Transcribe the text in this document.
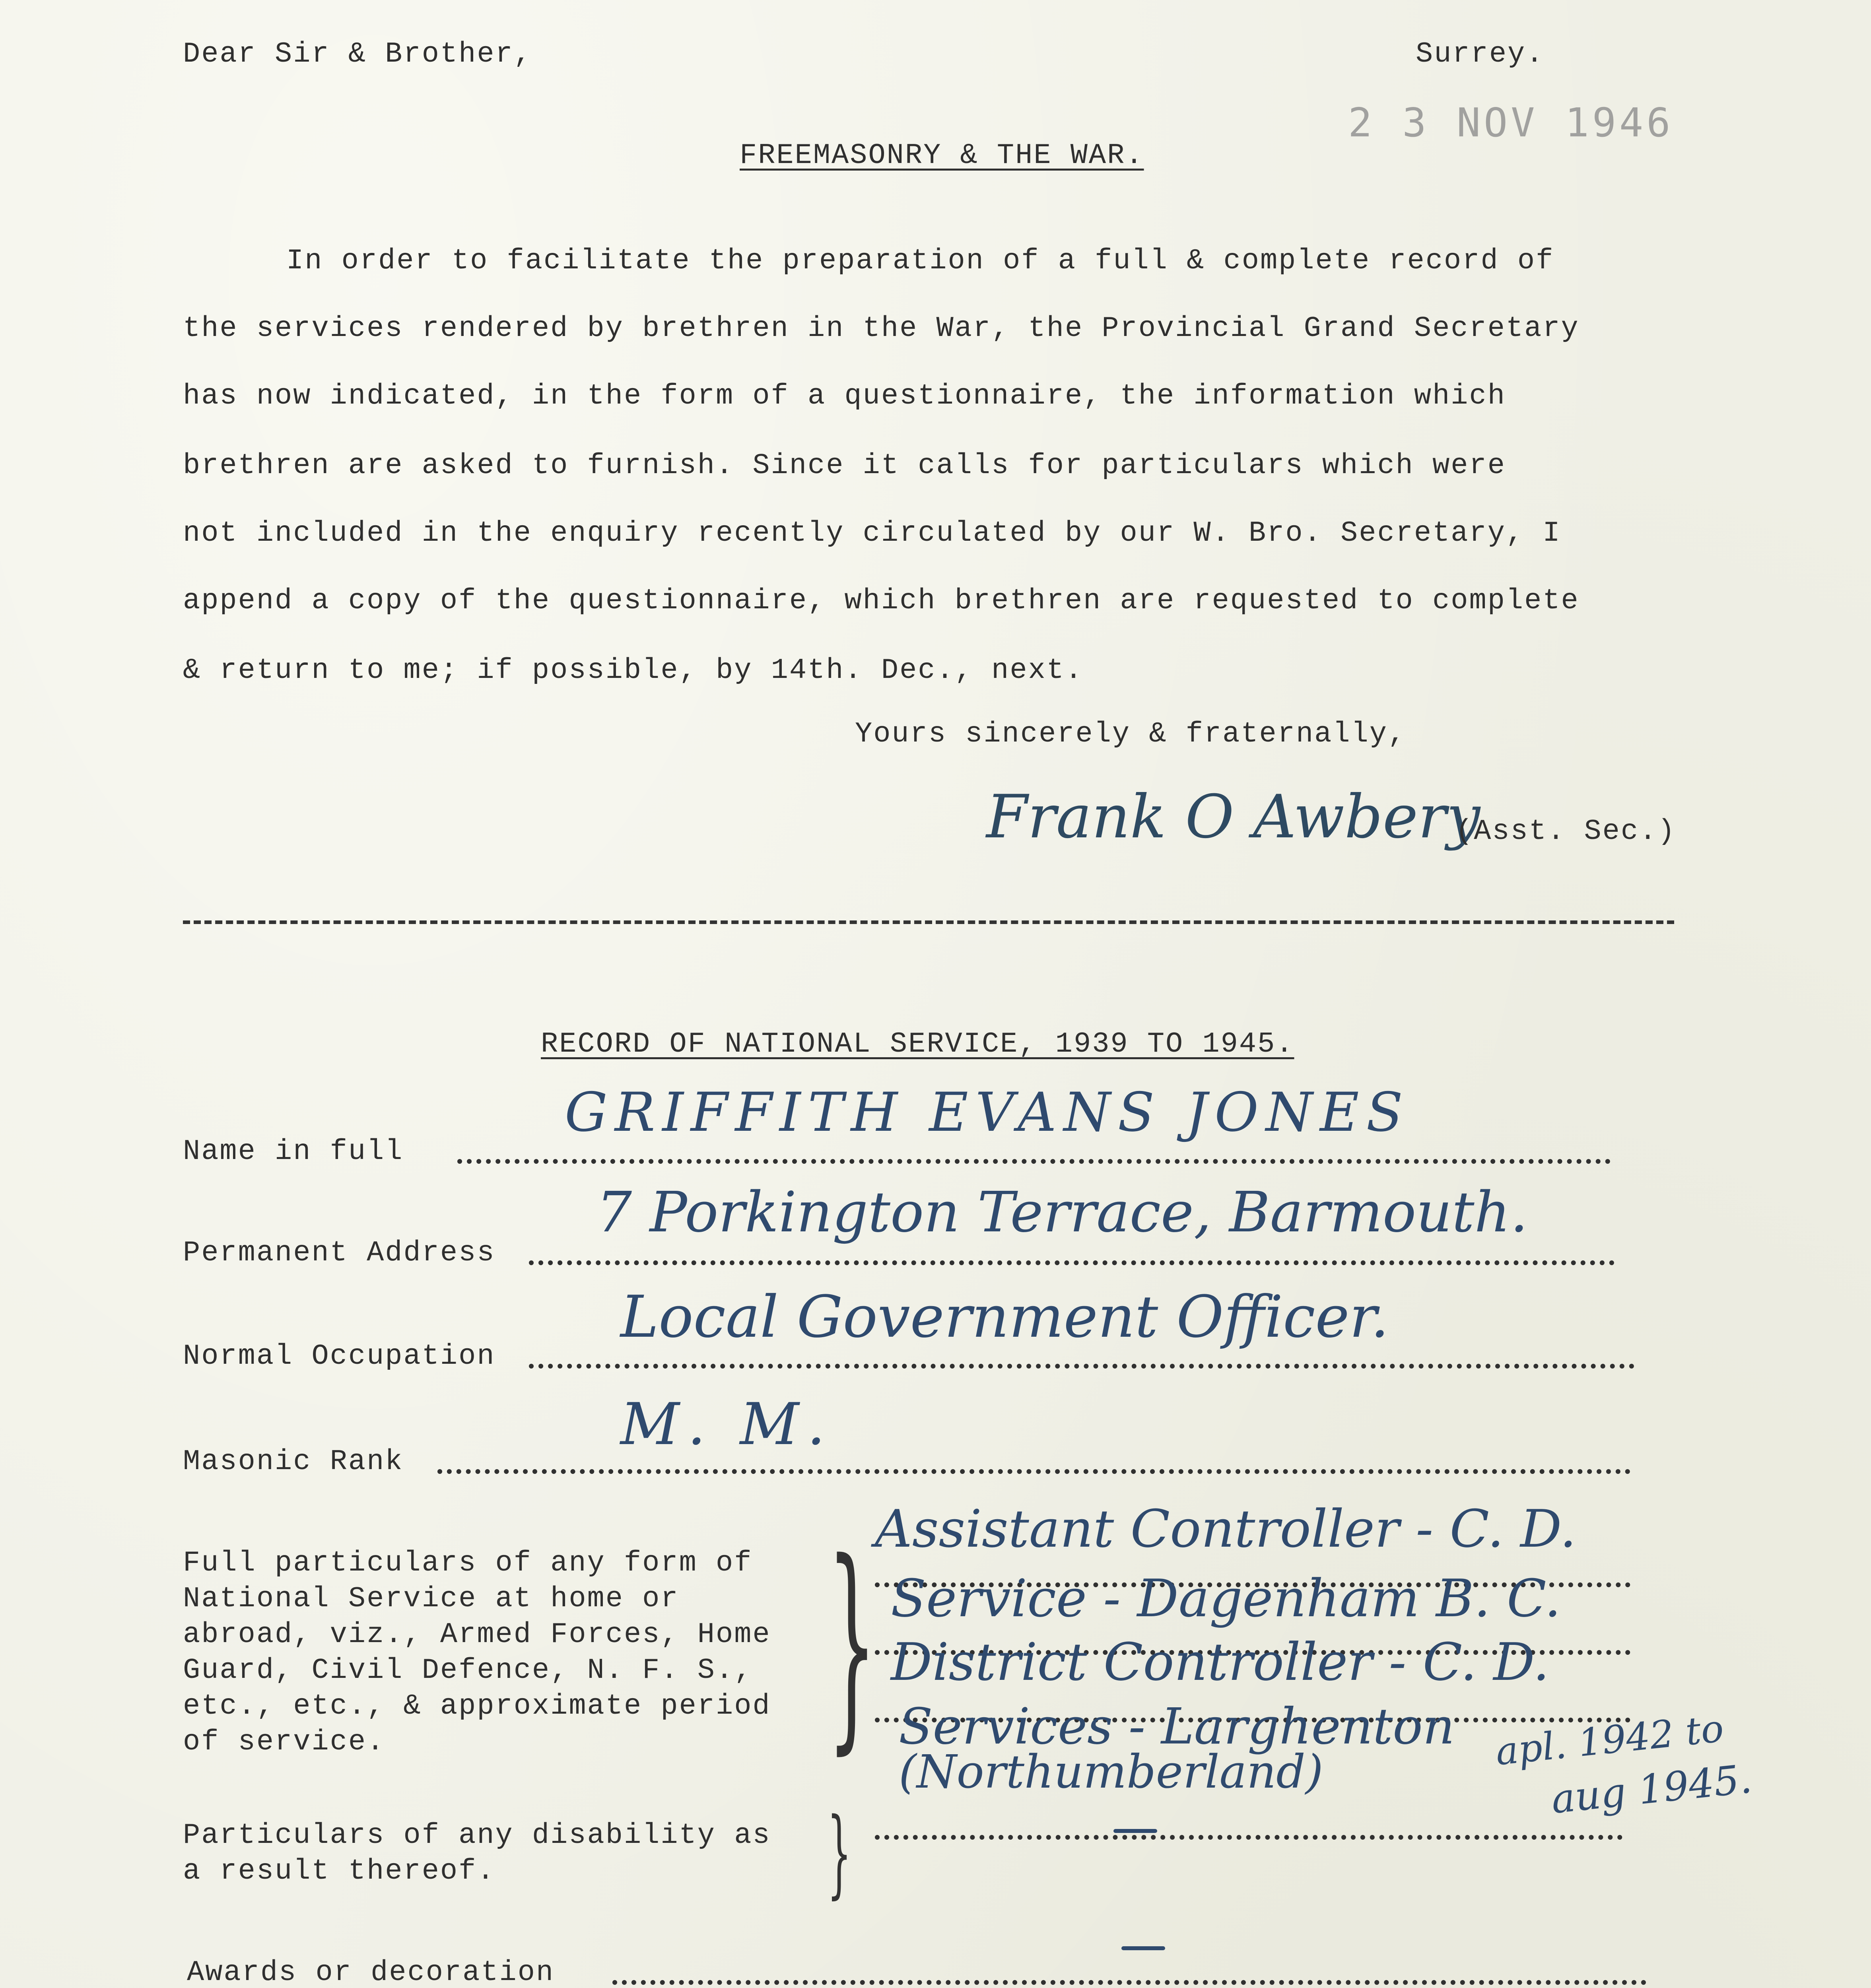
Dear Sir & Brother,	Surrey.
2 3 NOV 1946
FREEMASONRY & THE WAR.
In order to facilitate the preparation of a full & complete record of
the services rendered by brethren in the War, the Provincial Grand Secretary
has now indicated, in the form of a questionnaire, the information which
brethren are asked to furnish. Since it calls for particulars which were
not included in the enquiry recently circulated by our W. Bro. Secretary, I
append a copy of the questionnaire, which brethren are requested to complete
& return to me; if possible, by 14th. Dec., next.
Yours sincerely & fraternally,
Frank O Awbery
(Asst. Sec.)
RECORD OF NATIONAL SERVICE, 1939 TO 1945.
Name in full
GRIFFITH EVANS JONES
Permanent Address
7 Porkington Terrace, Barmouth.
Normal Occupation
Local Government Officer.
Masonic Rank
M. M.
Full particulars of any form of
National Service at home or
abroad, viz., Armed Forces, Home
Guard, Civil Defence, N. F. S.,
etc., etc., & approximate period
of service. }
Assistant Controller - C. D.
Service - Dagenham B. C.
District Controller - C. D.
Services - Larghenton
(Northumberland)	apl. 1942 to
aug 1945.
Particulars of any disability as
a result thereof.	}
Awards or decoration
